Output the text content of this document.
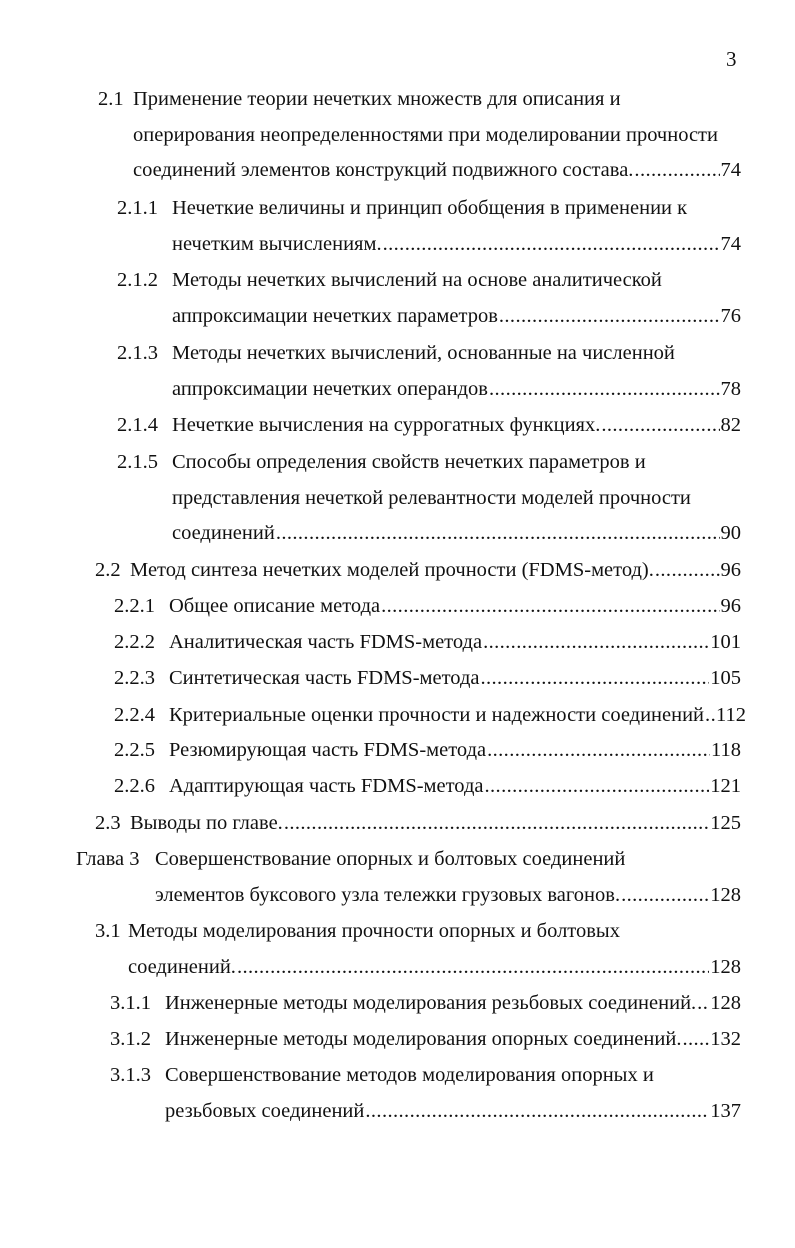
3
2.1 Применение теории нечетких множеств для описания и
оперирования неопределенностями при моделировании прочности
соединений элементов конструкций подвижного состава. .....	74
2.1.1 Нечеткие величины и принцип обобщения в применении к
нечетким вычислениям. .....	74
2.1.2 Методы нечетких вычислений на основе аналитической
аппроксимации нечетких параметров .....	76
2.1.3 Методы нечетких вычислений, основанные на численной
аппроксимации нечетких операндов .....	78
2.1.4 Нечеткие вычисления на суррогатных функциях. .....	82
2.1.5 Способы определения свойств нечетких параметров и
представления нечеткой релевантности моделей прочности
соединений .....	90
2.2 Метод синтеза нечетких моделей прочности (FDMS-метод). .....	96
2.2.1 Общее описание метода .....	96
2.2.2 Аналитическая часть FDMS-метода .....	101
2.2.3 Синтетическая часть FDMS-метода .....	105
2.2.4 Критериальные оценки прочности и надежности соединений ..... 112
2.2.5 Резюмирующая часть FDMS-метода .....	118
2.2.6 Адаптирующая часть FDMS-метода .....	121
2.3 Выводы по главе. .....	125
Глава 3 Совершенствование опорных и болтовых соединений
элементов буксового узла тележки грузовых вагонов. .....	128
3.1 Методы моделирования прочности опорных и болтовых
соединений. .....	128
3.1.1 Инженерные методы моделирования резьбовых соединений. ..... 128
3.1.2 Инженерные методы моделирования опорных соединений. ..... 132
3.1.3 Совершенствование методов моделирования опорных и
резьбовых соединений .....	137
